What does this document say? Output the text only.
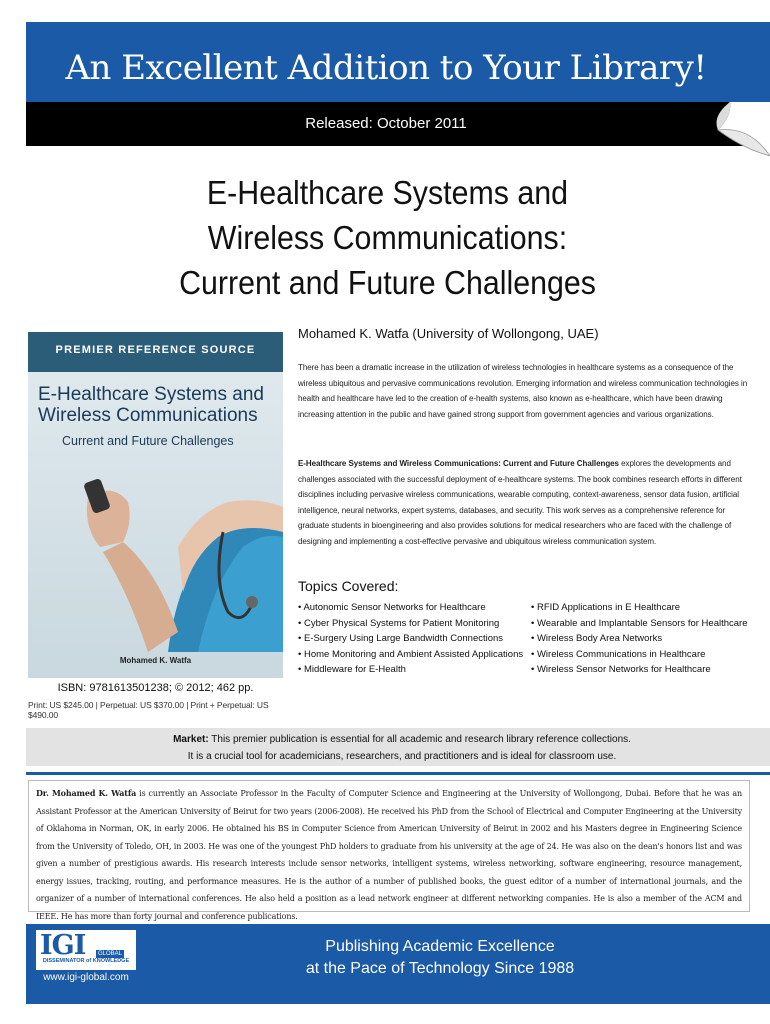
An Excellent Addition to Your Library!
Released: October 2011
E-Healthcare Systems and
Wireless Communications:
Current and Future Challenges
PREMIER REFERENCE SOURCE
E-Healthcare Systems and
Wireless Communications
Current and Future Challenges
Mohamed K. Watfa
ISBN: 9781613501238; © 2012; 462 pp.
Print: US $245.00 | Perpetual: US $370.00 | Print + Perpetual: US $490.00
Mohamed K. Watfa (University of Wollongong, UAE)
There has been a dramatic increase in the utilization of wireless technologies in healthcare systems as a consequence of the wireless ubiquitous and pervasive communications revolution. Emerging information and wireless communication technologies in health and healthcare have led to the creation of e-health systems, also known as e-healthcare, which have been drawing increasing attention in the public and have gained strong support from government agencies and various organizations.
E-Healthcare Systems and Wireless Communications: Current and Future Challenges explores the developments and challenges associated with the successful deployment of e-healthcare systems. The book combines research efforts in different disciplines including pervasive wireless communications, wearable computing, context-awareness, sensor data fusion, artificial intelligence, neural networks, expert systems, databases, and security. This work serves as a comprehensive reference for graduate students in bioengineering and also provides solutions for medical researchers who are faced with the challenge of designing and implementing a cost-effective pervasive and ubiquitous wireless communication system.
Topics Covered:
• Autonomic Sensor Networks for Healthcare
• Cyber Physical Systems for Patient Monitoring
• E-Surgery Using Large Bandwidth Connections
• Home Monitoring and Ambient Assisted Applications
• Middleware for E-Health
• RFID Applications in E Healthcare
• Wearable and Implantable Sensors for Healthcare
• Wireless Body Area Networks
• Wireless Communications in Healthcare
• Wireless Sensor Networks for Healthcare
Market: This premier publication is essential for all academic and research library reference collections.
It is a crucial tool for academicians, researchers, and practitioners and is ideal for classroom use.
Dr. Mohamed K. Watfa is currently an Associate Professor in the Faculty of Computer Science and Engineering at the University of Wollongong, Dubai. Before that he was an Assistant Professor at the American University of Beirut for two years (2006-2008). He received his PhD from the School of Electrical and Computer Engineering at the University of Oklahoma in Norman, OK, in early 2006. He obtained his BS in Computer Science from American University of Beirut in 2002 and his Masters degree in Engineering Science from the University of Toledo, OH, in 2003. He was one of the youngest PhD holders to graduate from his university at the age of 24. He was also on the dean's honors list and was given a number of prestigious awards. His research interests include sensor networks, intelligent systems, wireless networking, software engineering, resource management, energy issues, tracking, routing, and performance measures. He is the author of a number of published books, the guest editor of a number of international journals, and the organizer of a number of international conferences. He also held a position as a lead network engineer at different networking companies. He is also a member of the ACM and IEEE. He has more than forty journal and conference publications.
IGI	GLOBAL
DISSEMINATOR of KNOWLEDGE
www.igi-global.com
Publishing Academic Excellence
at the Pace of Technology Since 1988
